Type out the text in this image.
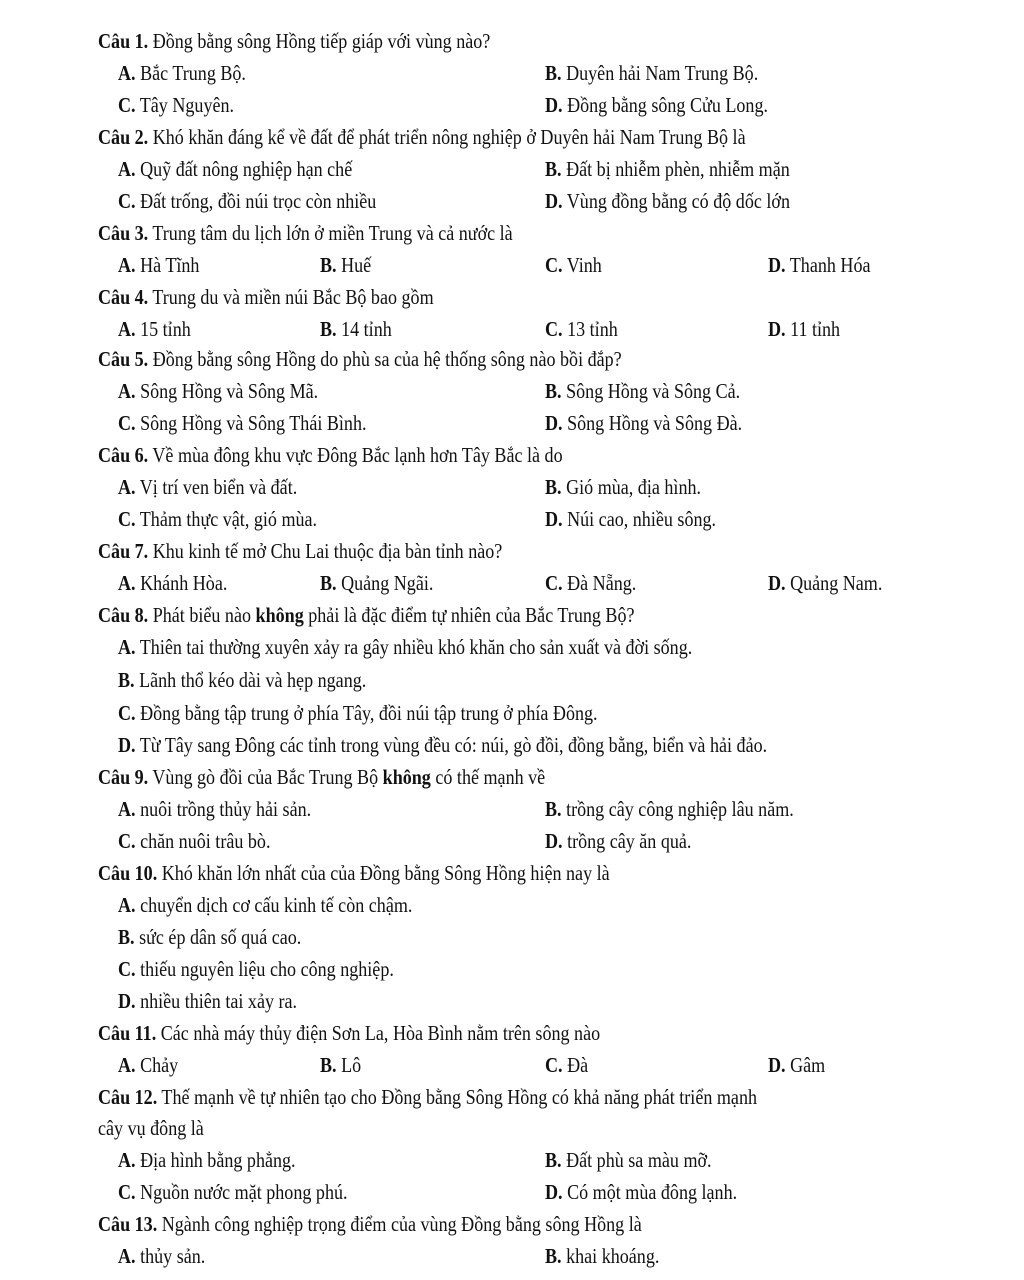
Câu 1. Đồng bằng sông Hồng tiếp giáp với vùng nào?
A. Bắc Trung Bộ.	B. Duyên hải Nam Trung Bộ.
C. Tây Nguyên.	D. Đồng bằng sông Cửu Long.
Câu 2. Khó khăn đáng kể về đất để phát triển nông nghiệp ở Duyên hải Nam Trung Bộ là
A. Quỹ đất nông nghiệp hạn chế	B. Đất bị nhiễm phèn, nhiễm mặn
C. Đất trống, đồi núi trọc còn nhiều	D. Vùng đồng bằng có độ dốc lớn
Câu 3. Trung tâm du lịch lớn ở miền Trung và cả nước là
A. Hà Tĩnh	B. Huế	C. Vinh	D. Thanh Hóa
Câu 4. Trung du và miền núi Bắc Bộ bao gồm
A. 15 tỉnh	B. 14 tỉnh	C. 13 tỉnh	D. 11 tỉnh
Câu 5. Đồng bằng sông Hồng do phù sa của hệ thống sông nào bồi đắp?
A. Sông Hồng và Sông Mã.	B. Sông Hồng và Sông Cả.
C. Sông Hồng và Sông Thái Bình.	D. Sông Hồng và Sông Đà.
Câu 6. Về mùa đông khu vực Đông Bắc lạnh hơn Tây Bắc là do
A. Vị trí ven biển và đất.	B. Gió mùa, địa hình.
C. Thảm thực vật, gió mùa.	D. Núi cao, nhiều sông.
Câu 7. Khu kinh tế mở Chu Lai thuộc địa bàn tỉnh nào?
A. Khánh Hòa.	B. Quảng Ngãi.	C. Đà Nẵng.	D. Quảng Nam.
Câu 8. Phát biểu nào không phải là đặc điểm tự nhiên của Bắc Trung Bộ?
A. Thiên tai thường xuyên xảy ra gây nhiều khó khăn cho sản xuất và đời sống.
B. Lãnh thổ kéo dài và hẹp ngang.
C. Đồng bằng tập trung ở phía Tây, đồi núi tập trung ở phía Đông.
D. Từ Tây sang Đông các tỉnh trong vùng đều có: núi, gò đồi, đồng bằng, biển và hải đảo.
Câu 9. Vùng gò đồi của Bắc Trung Bộ không có thế mạnh về
A. nuôi trồng thủy hải sản.	B. trồng cây công nghiệp lâu năm.
C. chăn nuôi trâu bò.	D. trồng cây ăn quả.
Câu 10. Khó khăn lớn nhất của của Đồng bằng Sông Hồng hiện nay là
A. chuyển dịch cơ cấu kinh tế còn chậm.
B. sức ép dân số quá cao.
C. thiếu nguyên liệu cho công nghiệp.
D. nhiều thiên tai xảy ra.
Câu 11. Các nhà máy thủy điện Sơn La, Hòa Bình nằm trên sông nào
A. Chảy	B. Lô	C. Đà	D. Gâm
Câu 12. Thế mạnh về tự nhiên tạo cho Đồng bằng Sông Hồng có khả năng phát triển mạnh
cây vụ đông là
A. Địa hình bằng phẳng.	B. Đất phù sa màu mỡ.
C. Nguồn nước mặt phong phú.	D. Có một mùa đông lạnh.
Câu 13. Ngành công nghiệp trọng điểm của vùng Đồng bằng sông Hồng là
A. thủy sản.	B. khai khoáng.
